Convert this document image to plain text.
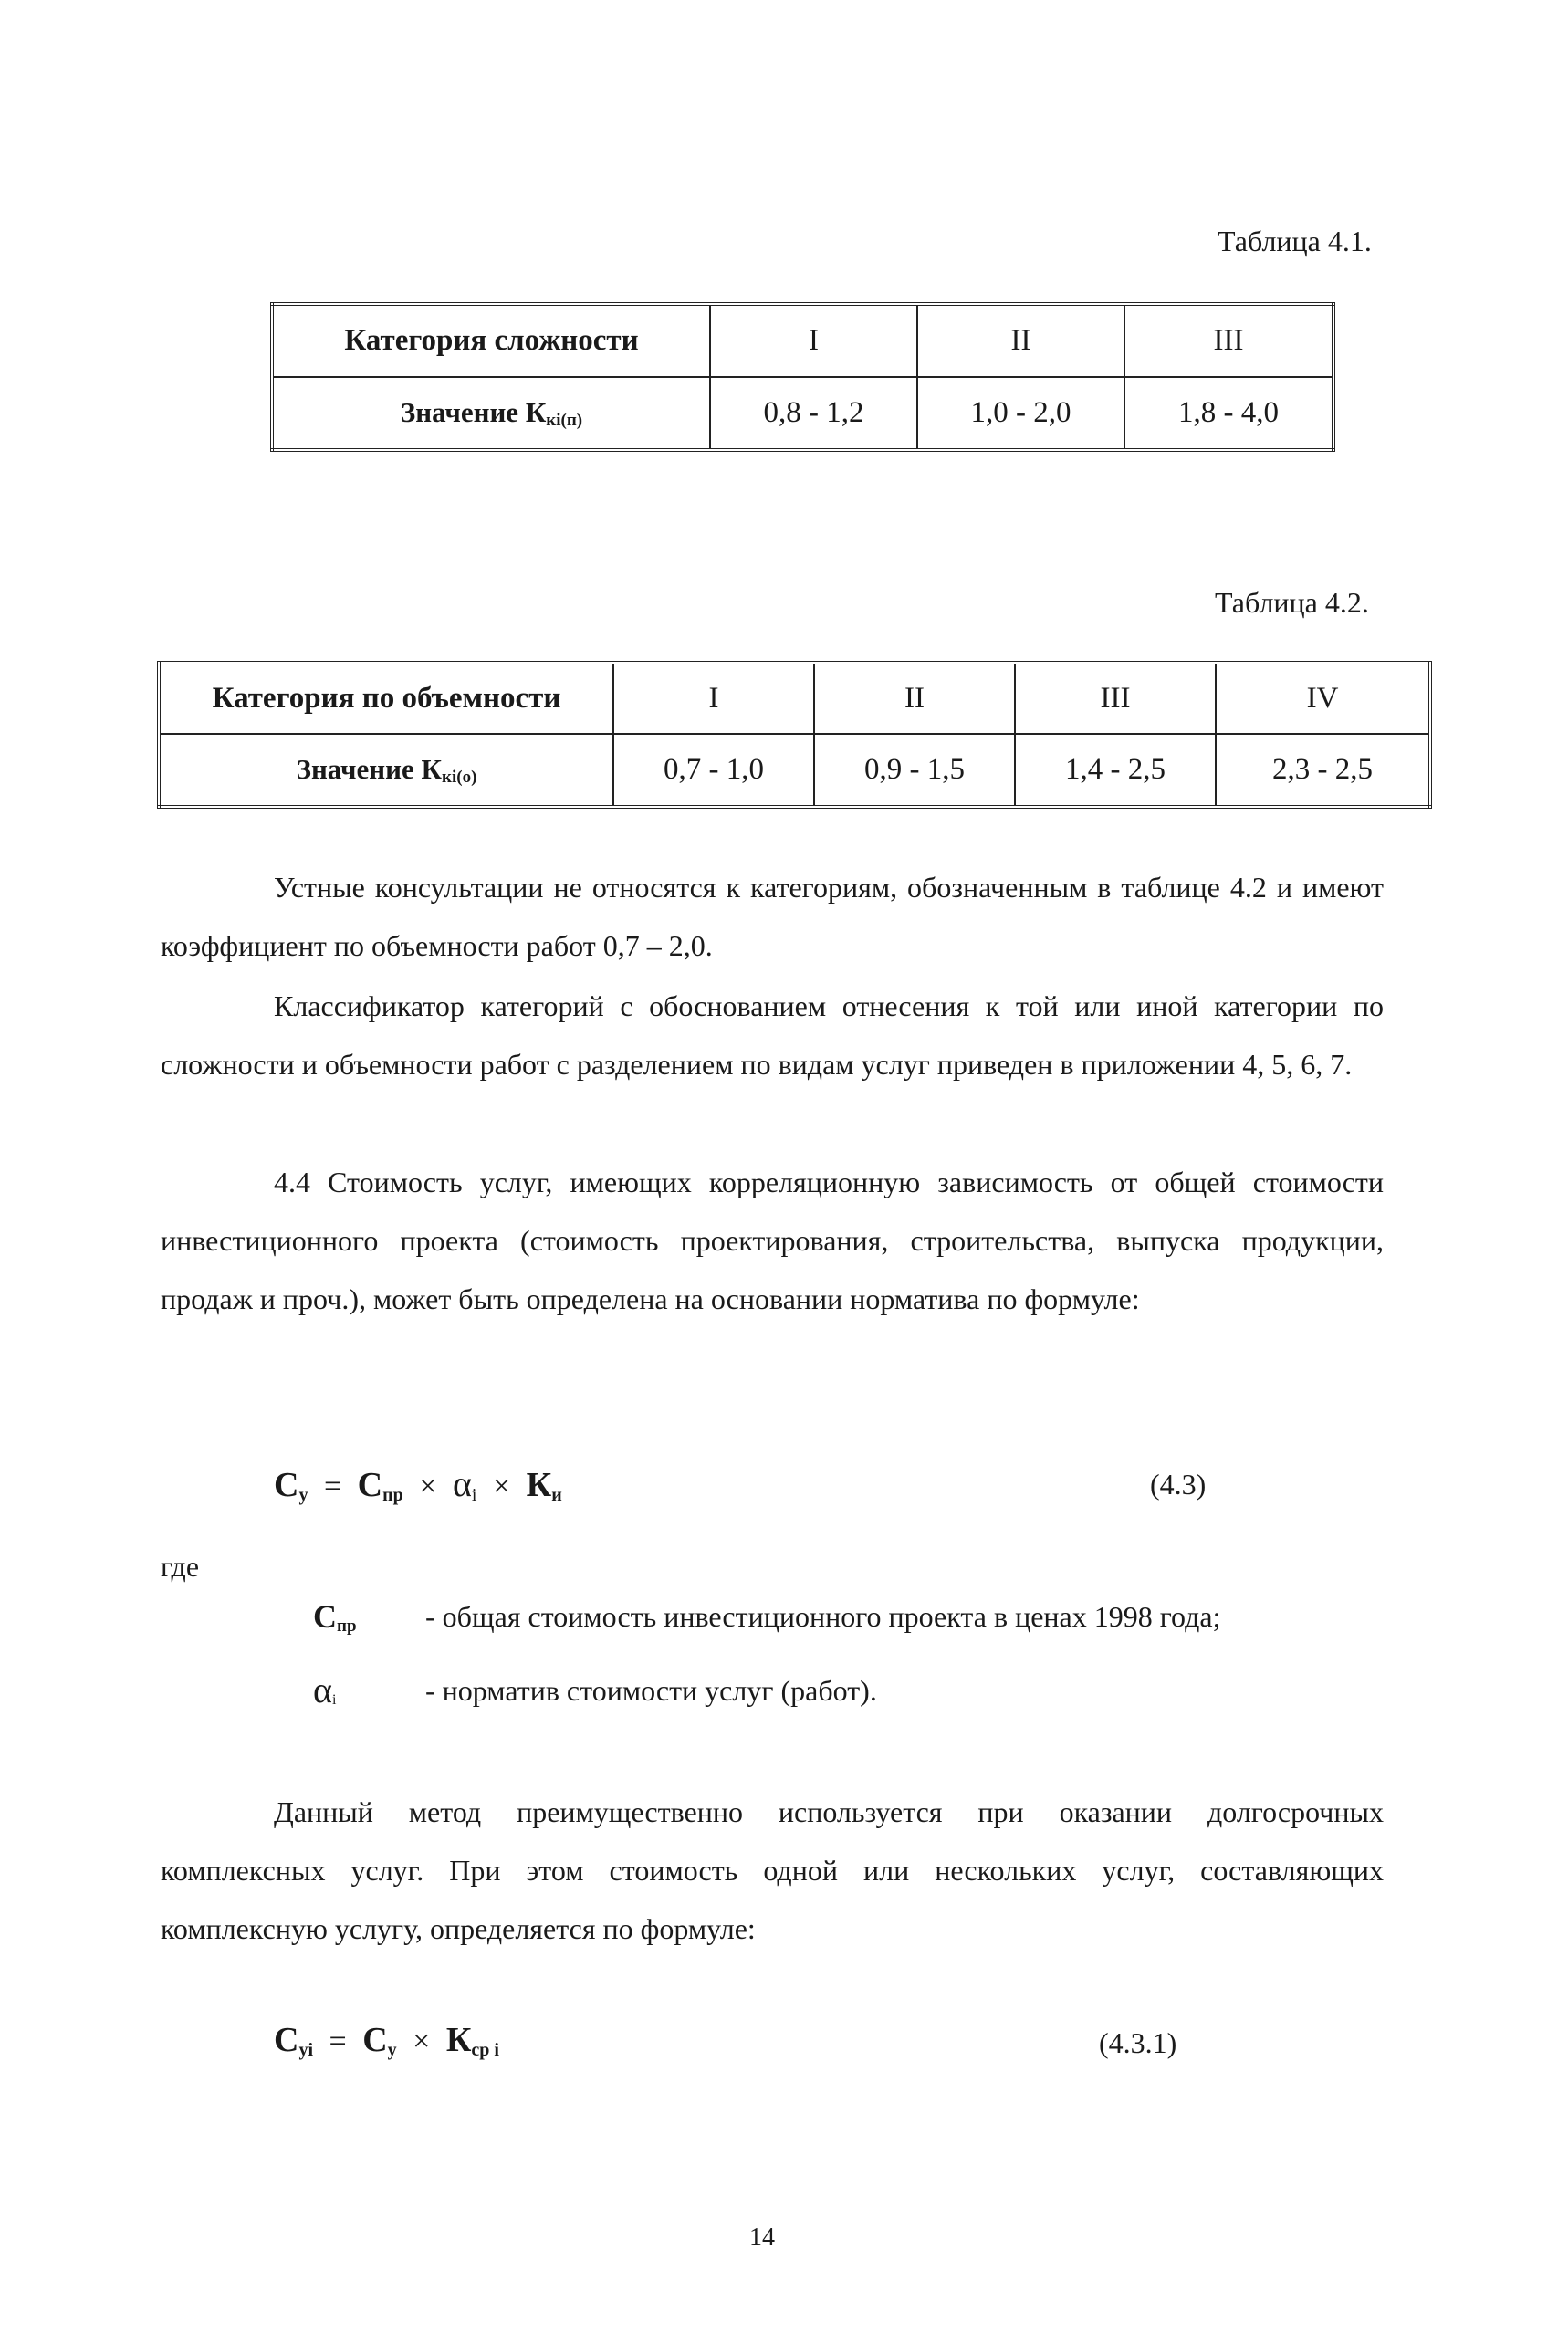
Таблица 4.1.
Категория сложности	I	II	III
Значение $К_{кi(п)}$	0,8 - 1,2	1,0 - 2,0	1,8 - 4,0
Таблица 4.2.
Категория по объемности	I	II	III	IV
Значение $К_{кi(о)}$	0,7 - 1,0	0,9 - 1,5	1,4 - 2,5	2,3 - 2,5

Устные консультации не относятся к категориям, обозначенным в таблице 4.2 и имеют коэффициент по объемности работ 0,7 – 2,0.

Классификатор категорий с обоснованием отнесения к той или иной категории по сложности и объемности работ с разделением по видам услуг приведен в приложении 4, 5, 6, 7.

4.4 Стоимость услуг, имеющих корреляционную зависимость от общей стоимости инвестиционного проекта (стоимость проектирования, строительства, выпуска продукции, продаж и проч.), может быть определена на основании норматива по формуле:

$С_у = С_{пр} \times \alpha_i \times К_и$	(4.3)
где
$С_{пр}$ - общая стоимость инвестиционного проекта в ценах 1998 года;
αi	- норматив стоимости услуг (работ).

Данный метод преимущественно используется при оказании долгосрочных комплексных услуг. При этом стоимость одной или нескольких услуг, составляющих комплексную услугу, определяется по формуле:

$С_{уi} = С_у \times К_{ср i}$	(4.3.1)
14
